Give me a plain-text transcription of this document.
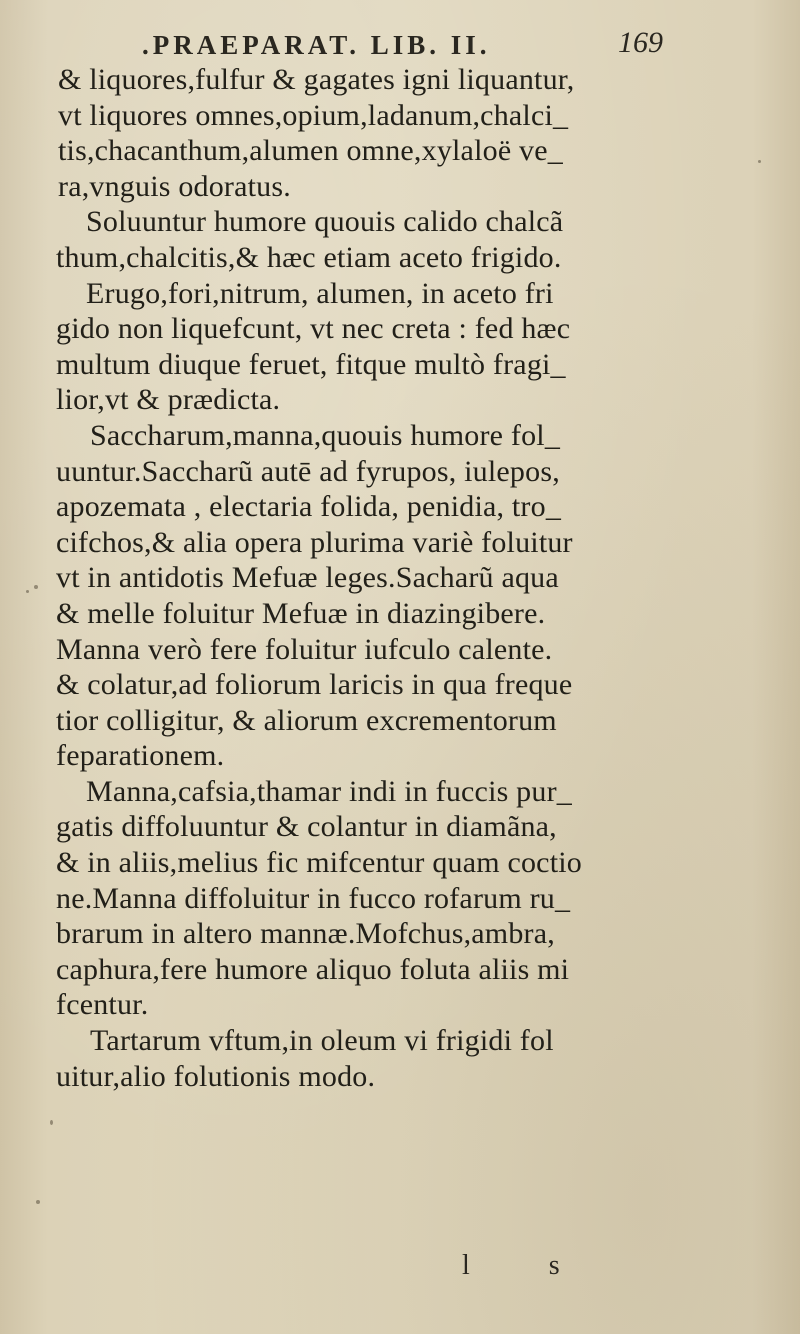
.PRAEPARAT. LIB. II.	169
& liquores,fulfur & gagates igni liquantur,
vt liquores omnes,opium,ladanum,chalci_
tis,chacanthum,alumen omne,xylaloë ve_
ra,vnguis odoratus.
Soluuntur humore quouis calido chalcã
thum,chalcitis,& hæc etiam aceto frigido.
Erugo,fori,nitrum, alumen, in aceto fri
gido non liquefcunt, vt nec creta : fed hæc
multum diuque feruet, fitque multò fragi_
lior,vt & prædicta.
Saccharum,manna,quouis humore fol_
uuntur.Saccharũ autē ad fyrupos, iulepos,
apozemata , electaria folida, penidia, tro_
cifchos,& alia opera plurima variè foluitur
vt in antidotis Mefuæ leges.Sacharũ aqua
& melle foluitur Mefuæ in diazingibere.
Manna verò fere foluitur iufculo calente.
& colatur,ad foliorum laricis in qua freque
tior colligitur, & aliorum excrementorum
feparationem.
Manna,cafsia,thamar indi in fuccis pur_
gatis diffoluuntur & colantur in diamãna,
& in aliis,melius fic mifcentur quam coctio
ne.Manna diffoluitur in fucco rofarum ru_
brarum in altero mannæ.Mofchus,ambra,
caphura,fere humore aliquo foluta aliis mi
fcentur.
Tartarum vftum,in oleum vi frigidi fol
uitur,alio folutionis modo.
l s
